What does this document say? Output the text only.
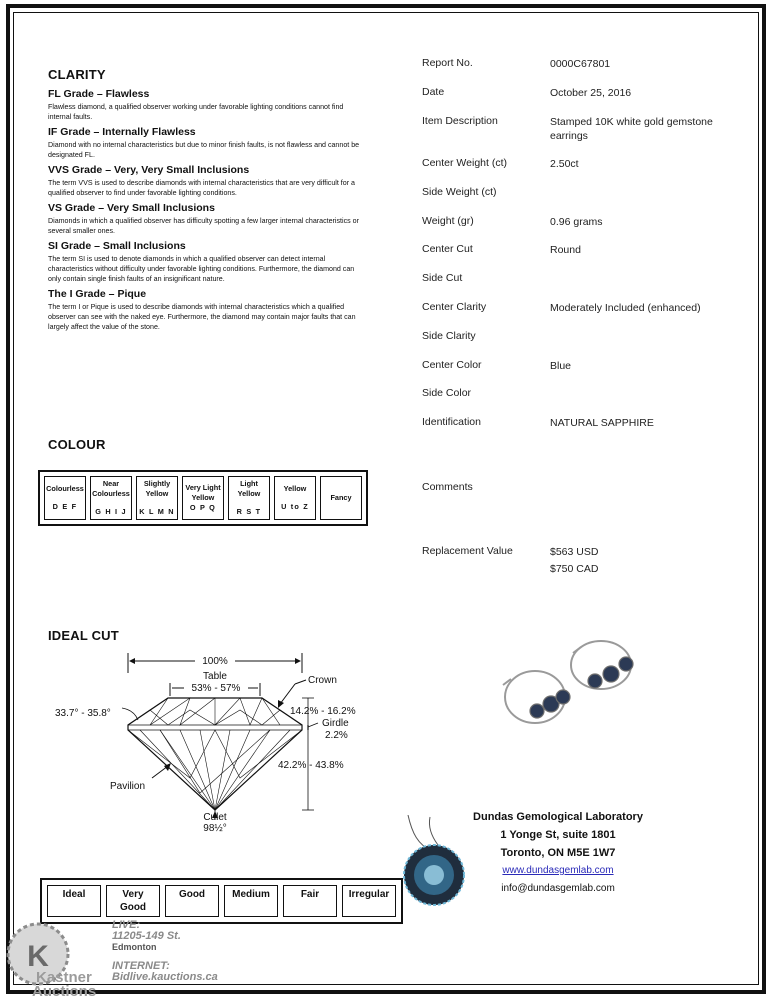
CLARITY
FL Grade – Flawless
Flawless diamond, a qualified observer working under favorable lighting conditions cannot find internal faults.
IF Grade – Internally Flawless
Diamond with no internal characteristics but due to minor finish faults, is not flawless and cannot be designated FL.
VVS Grade – Very, Very Small Inclusions
The term VVS is used to describe diamonds with internal characteristics that are very difficult for a qualified observer to find under favorable lighting conditions.
VS Grade – Very Small Inclusions
Diamonds in which a qualified observer has difficulty spotting a few larger internal characteristics or several smaller ones.
SI Grade – Small Inclusions
The term SI is used to denote diamonds in which a qualified observer can detect internal characteristics without difficulty under favorable lighting conditions. Furthermore, the diamond can only contain single finish faults of an insignificant nature.
The I Grade – Pique
The term I or Pique is used to describe diamonds with internal characteristics which a qualified observer can see with the naked eye. Furthermore, the diamond may contain major faults that can largely affect the value of the stone.
COLOUR
Colourless
D E F
	Near Colourless
G H I J
	Slightly Yellow
K L M N
	Very Light Yellow
O P Q
	Light Yellow
R S T
	Yellow
U to Z
	Fancy
IDEAL CUT
100%
Table
53% - 57%
33.7° - 35.8°
Crown
14.2% - 16.2%
Girdle
2.2%
42.2% - 43.8%
Pavilion
Culet
98½°
Ideal	Very Good	Good	Medium	Fair	Irregular
Report No.	0000C67801
Date	October 25, 2016
Item Description	Stamped 10K white gold gemstone earrings
Center Weight (ct)	2.50ct
Side Weight (ct)
Weight (gr)	0.96 grams
Center Cut	Round
Side Cut
Center Clarity	Moderately Included (enhanced)
Side Clarity
Center Color	Blue
Side Color
Identification	NATURAL SAPPHIRE
Comments
Replacement Value	$563 USD
$750 CAD
Dundas Gemological Laboratory
1 Yonge St, suite 1801
Toronto, ON M5E 1W7
www.dundasgemlab.com
info@dundasgemlab.com
K
Kastner
Auctions
LIVE:
11205-149 St.
Edmonton
INTERNET:
Bidlive.kauctions.ca
